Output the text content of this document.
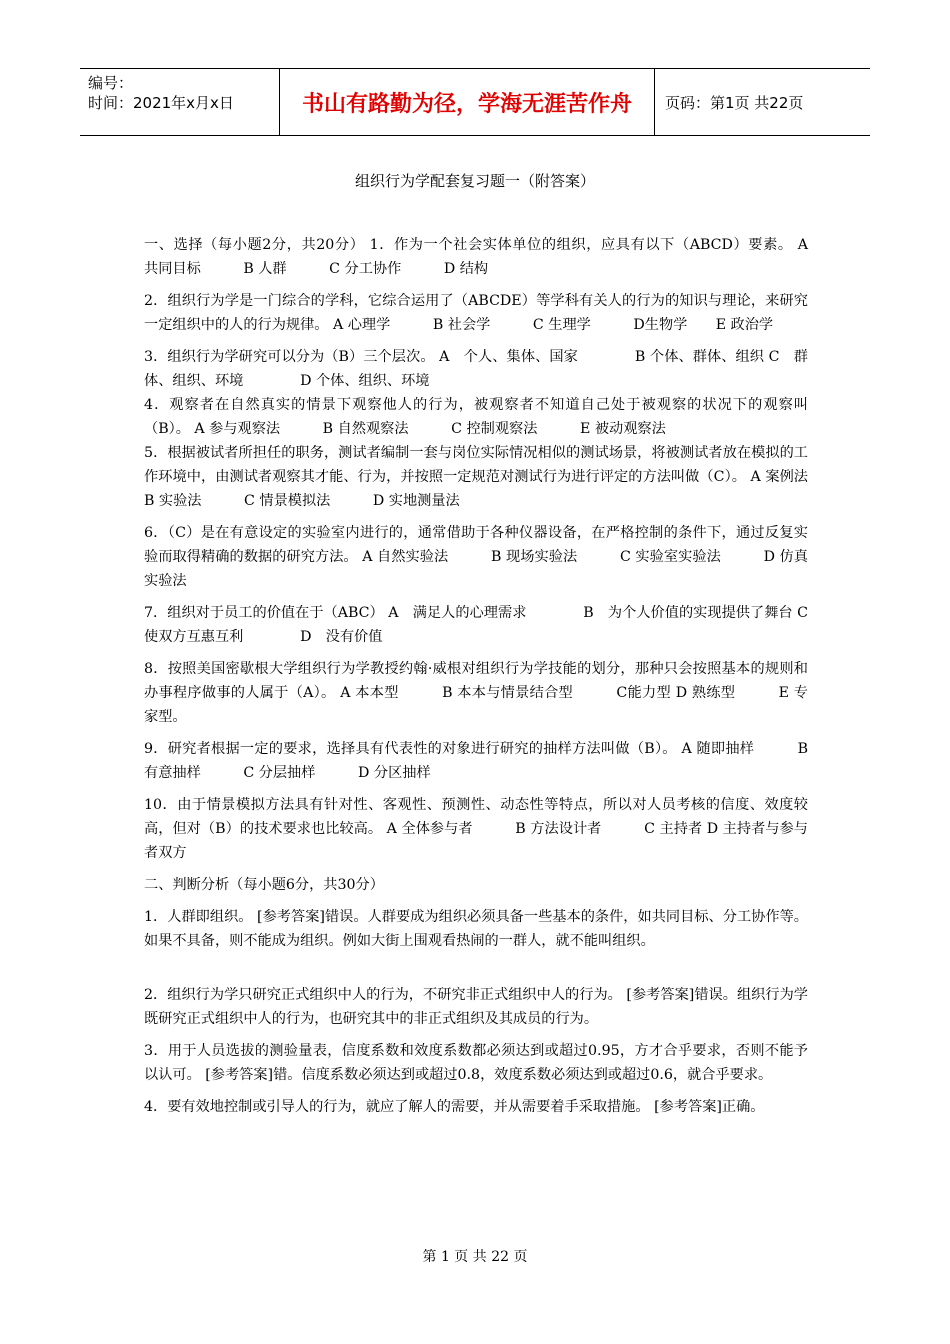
编号：
时间：2021年x月x日	书山有路勤为径，学海无涯苦作舟	页码：第1页 共22页
组织行为学配套复习题一（附答案）

一、选择（每小题2分，共20分） 1．作为一个社会实体单位的组织，应具有以下（ABCD）要素。 A　共同目标　　　B 人群　　　C 分工协作　　　D 结构

2．组织行为学是一门综合的学科，它综合运用了（ABCDE）等学科有关人的行为的知识与理论，来研究一定组织中的人的行为规律。 A 心理学　　　B 社会学　　　C 生理学　　　D生物学　　E 政治学

3．组织行为学研究可以分为（B）三个层次。 A　个人、集体、国家　　　　B 个体、群体、组织 C　群体、组织、环境　　　　D 个体、组织、环境

4．观察者在自然真实的情景下观察他人的行为，被观察者不知道自己处于被观察的状况下的观察叫（B）。 A 参与观察法　　　B 自然观察法　　　C 控制观察法　　　E 被动观察法

5．根据被试者所担任的职务，测试者编制一套与岗位实际情况相似的测试场景，将被测试者放在模拟的工作环境中，由测试者观察其才能、行为，并按照一定规范对测试行为进行评定的方法叫做（C）。 A 案例法　　　B 实验法　　　C 情景模拟法　　　D 实地测量法

6．（C）是在有意设定的实验室内进行的，通常借助于各种仪器设备，在严格控制的条件下，通过反复实验而取得精确的数据的研究方法。 A 自然实验法　　　B 现场实验法　　　C 实验室实验法　　　D 仿真实验法

7．组织对于员工的价值在于（ABC） A　满足人的心理需求　　　　B　为个人价值的实现提供了舞台 C　使双方互惠互利　　　　D　没有价值

8．按照美国密歇根大学组织行为学教授约翰·威根对组织行为学技能的划分，那种只会按照基本的规则和办事程序做事的人属于（A）。 A 本本型　　　B 本本与情景结合型　　　C能力型 D 熟练型　　　E 专家型。

9．研究者根据一定的要求，选择具有代表性的对象进行研究的抽样方法叫做（B）。 A 随即抽样　　　B 有意抽样　　　C 分层抽样　　　D 分区抽样

10．由于情景模拟方法具有针对性、客观性、预测性、动态性等特点，所以对人员考核的信度、效度较高，但对（B）的技术要求也比较高。 A 全体参与者　　　B 方法设计者　　　C 主持者 D 主持者与参与者双方

二、判断分析（每小题6分，共30分）

1．人群即组织。 [参考答案]错误。人群要成为组织必须具备一些基本的条件，如共同目标、分工协作等。如果不具备，则不能成为组织。例如大街上围观看热闹的一群人，就不能叫组织。

2．组织行为学只研究正式组织中人的行为，不研究非正式组织中人的行为。 [参考答案]错误。组织行为学既研究正式组织中人的行为，也研究其中的非正式组织及其成员的行为。

3．用于人员选拔的测验量表，信度系数和效度系数都必须达到或超过0.95，方才合乎要求，否则不能予以认可。 [参考答案]错。信度系数必须达到或超过0.8，效度系数必须达到或超过0.6，就合乎要求。

4．要有效地控制或引导人的行为，就应了解人的需要，并从需要着手采取措施。 [参考答案]正确。

第 1 页 共 22 页
